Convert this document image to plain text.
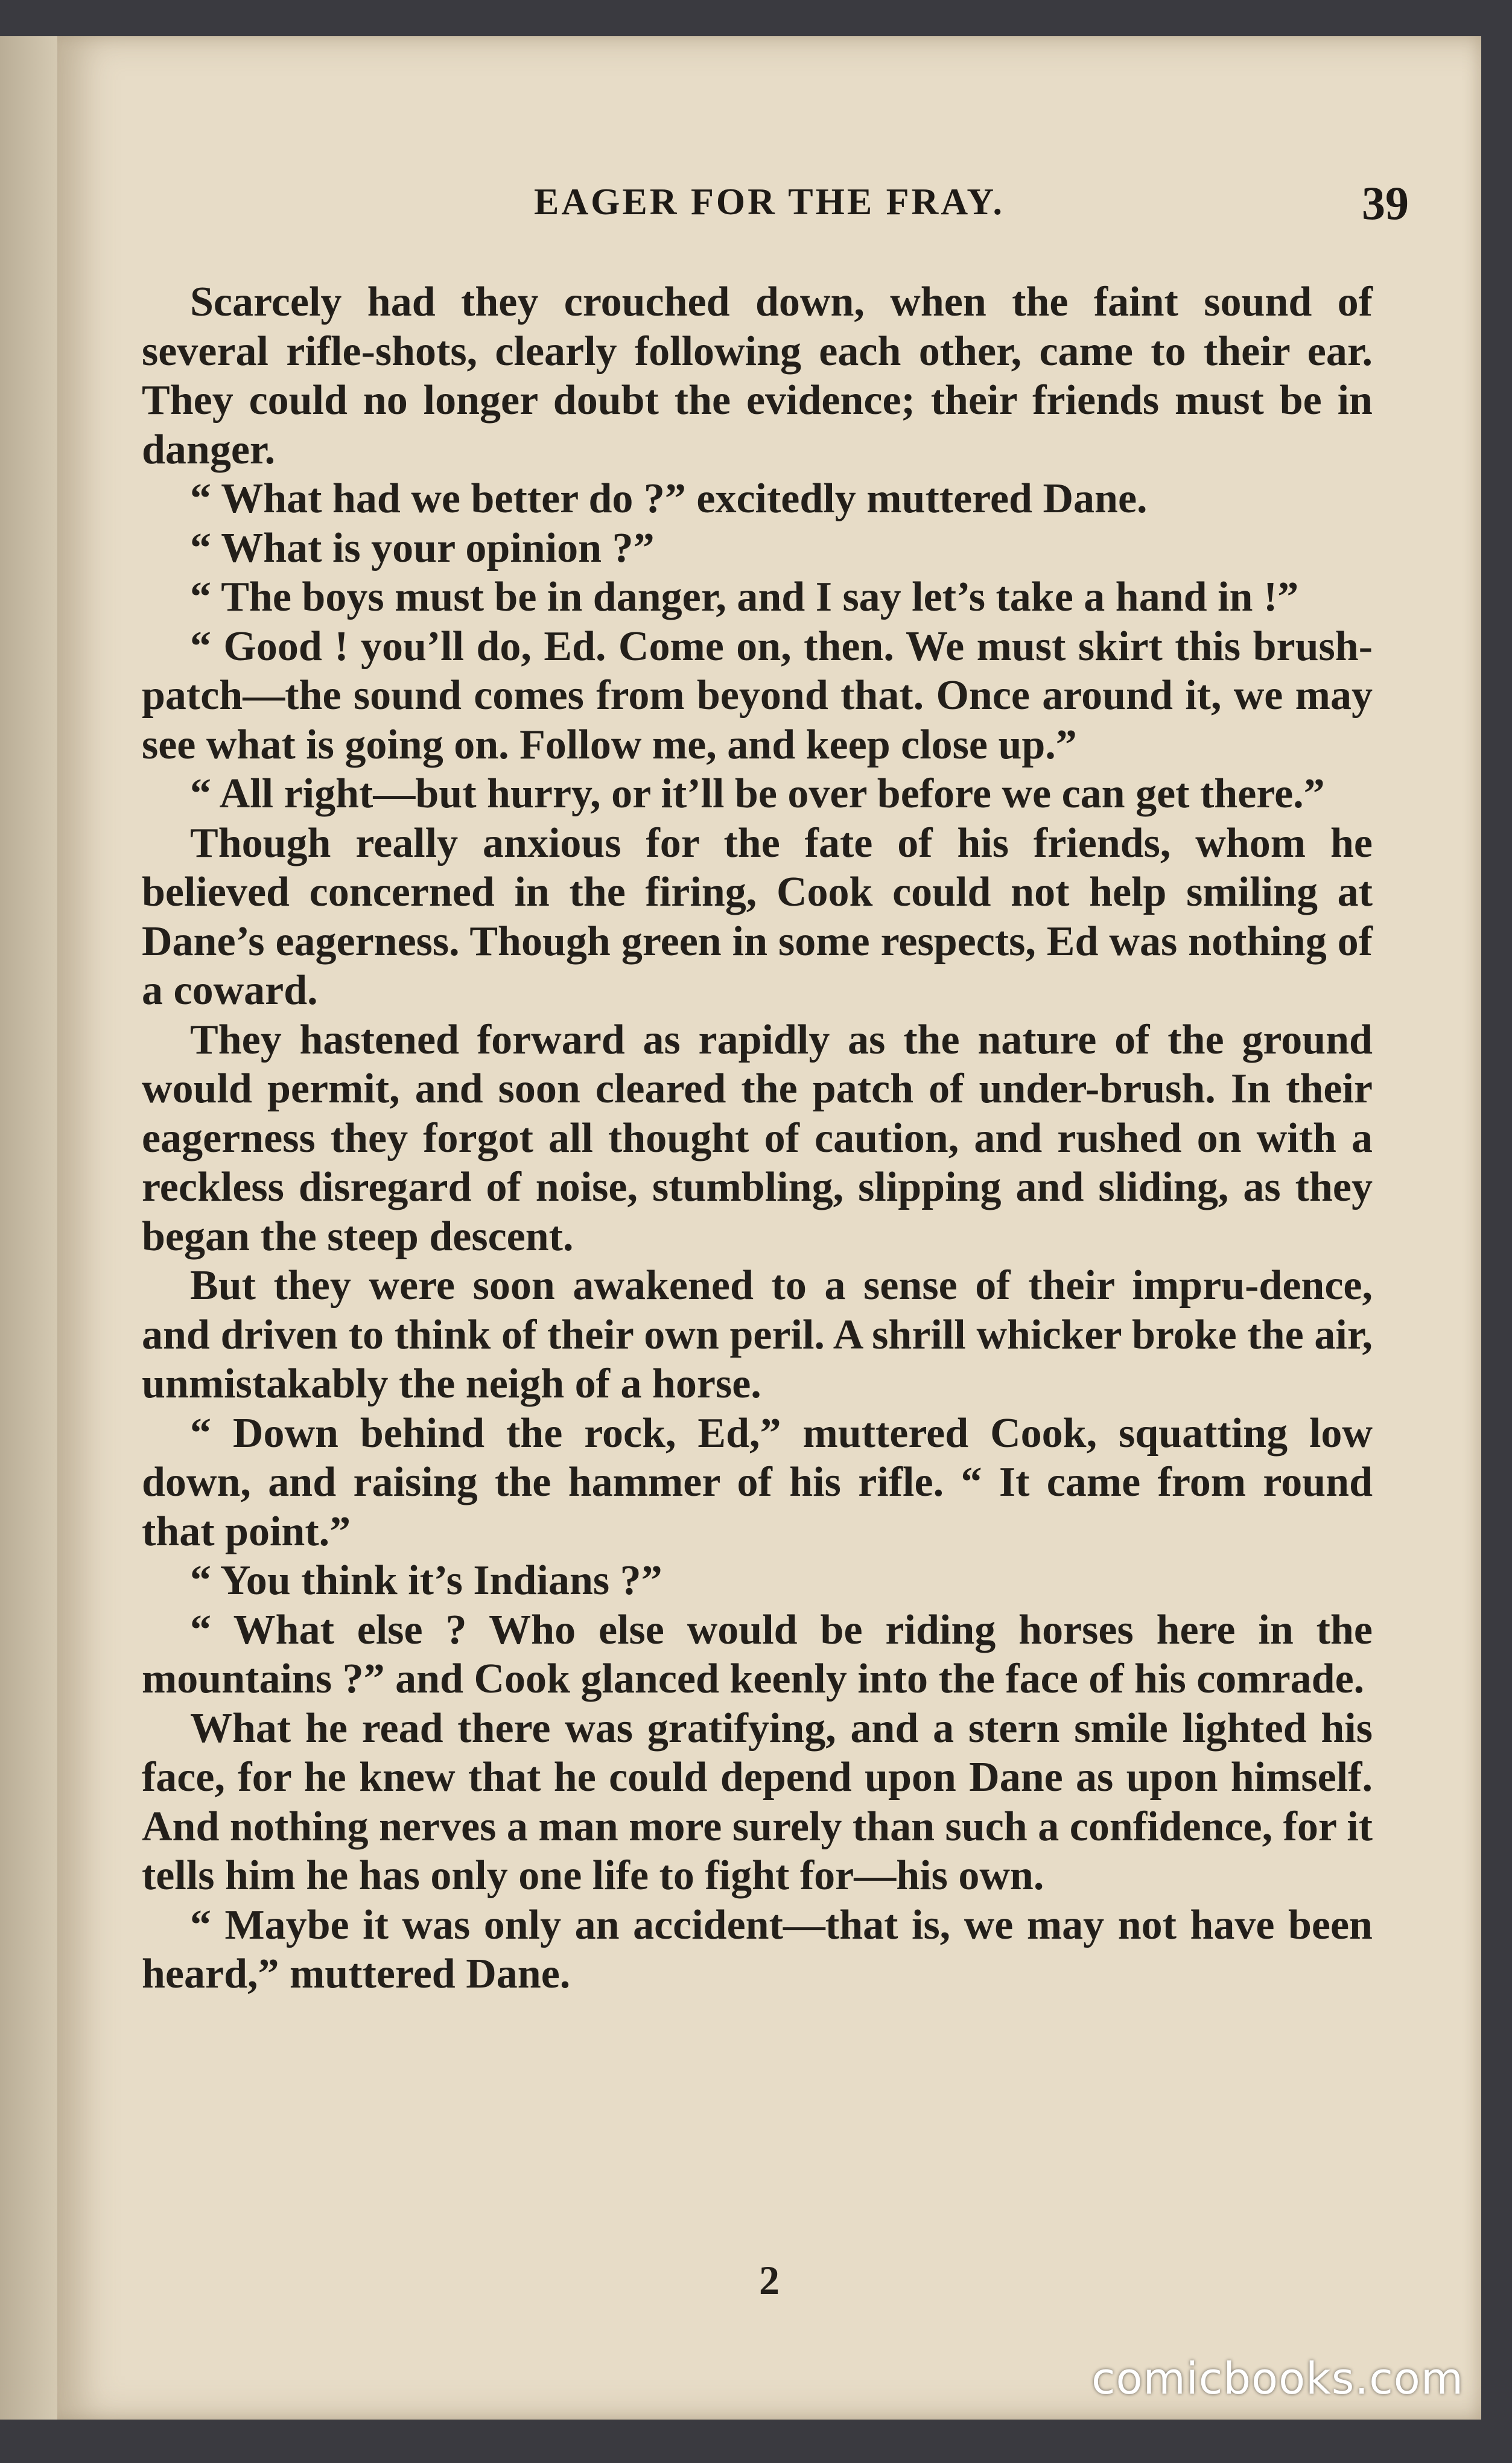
EAGER FOR THE FRAY.	39

Scarcely had they crouched down, when the faint sound of several rifle-shots, clearly following each other, came to their ear. They could no longer doubt the evidence; their friends must be in danger.

“ What had we better do ?” excitedly muttered Dane.

“ What is your opinion ?”

“ The boys must be in danger, and I say let’s take a hand in !”

“ Good ! you’ll do, Ed. Come on, then. We must skirt this brush-patch—the sound comes from beyond that. Once around it, we may see what is going on. Follow me, and keep close up.”

“ All right—but hurry, or it’ll be over before we can get there.”

Though really anxious for the fate of his friends, whom he believed concerned in the firing, Cook could not help smiling at Dane’s eagerness. Though green in some respects, Ed was nothing of a coward.

They hastened forward as rapidly as the nature of the ground would permit, and soon cleared the patch of under-brush. In their eagerness they forgot all thought of caution, and rushed on with a reckless disregard of noise, stumbling, slipping and sliding, as they began the steep descent.

But they were soon awakened to a sense of their impru-dence, and driven to think of their own peril. A shrill whicker broke the air, unmistakably the neigh of a horse.

“ Down behind the rock, Ed,” muttered Cook, squatting low down, and raising the hammer of his rifle. “ It came from round that point.”

“ You think it’s Indians ?”

“ What else ? Who else would be riding horses here in the mountains ?” and Cook glanced keenly into the face of his comrade.

What he read there was gratifying, and a stern smile lighted his face, for he knew that he could depend upon Dane as upon himself. And nothing nerves a man more surely than such a confidence, for it tells him he has only one life to fight for—his own.

“ Maybe it was only an accident—that is, we may not have been heard,” muttered Dane.

2
comicbooks.com
